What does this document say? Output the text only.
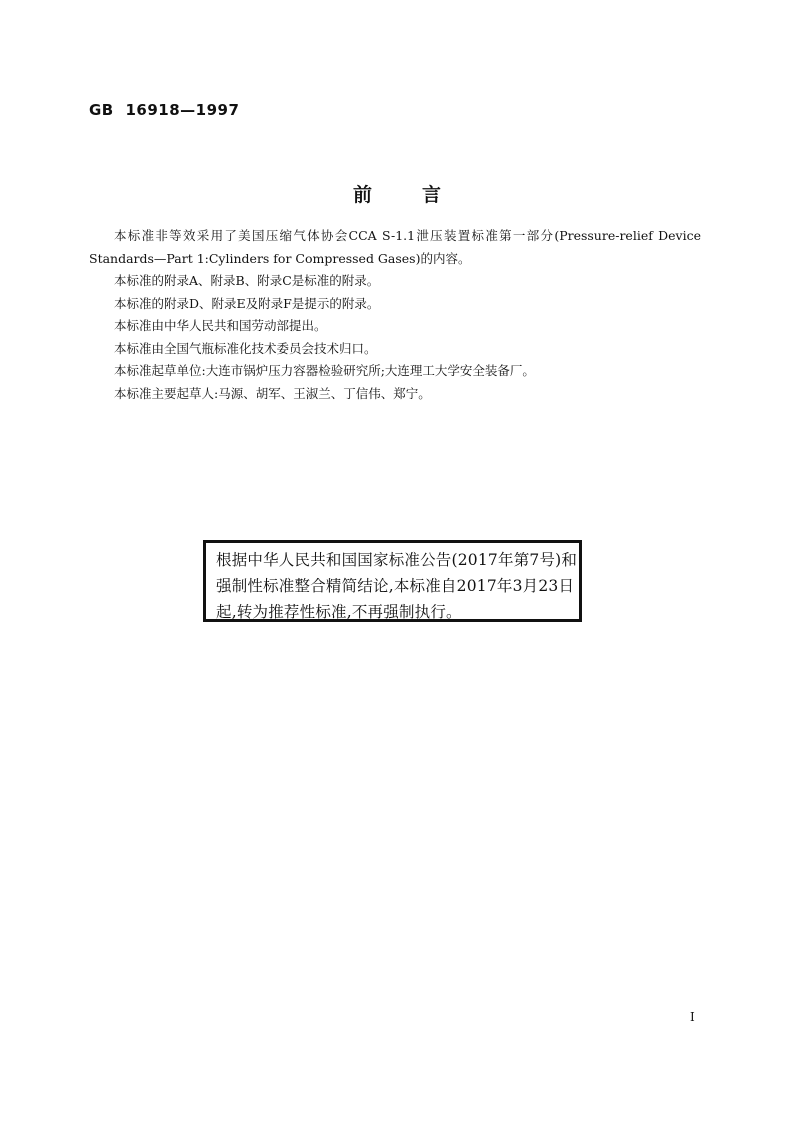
GB 16918—1997
前言

本标准非等效采用了美国压缩气体协会CCA S-1.1泄压装置标准第一部分(Pressure-relief Device Standards—Part 1:Cylinders for Compressed Gases)的内容。

本标准的附录A、附录B、附录C是标准的附录。

本标准的附录D、附录E及附录F是提示的附录。

本标准由中华人民共和国劳动部提出。

本标准由全国气瓶标准化技术委员会技术归口。

本标准起草单位:大连市锅炉压力容器检验研究所;大连理工大学安全装备厂。

本标准主要起草人:马源、胡军、王淑兰、丁信伟、郑宁。

根据中华人民共和国国家标准公告(2017年第7号)和强制性标准整合精简结论,本标准自2017年3月23日起,转为推荐性标准,不再强制执行。
I
